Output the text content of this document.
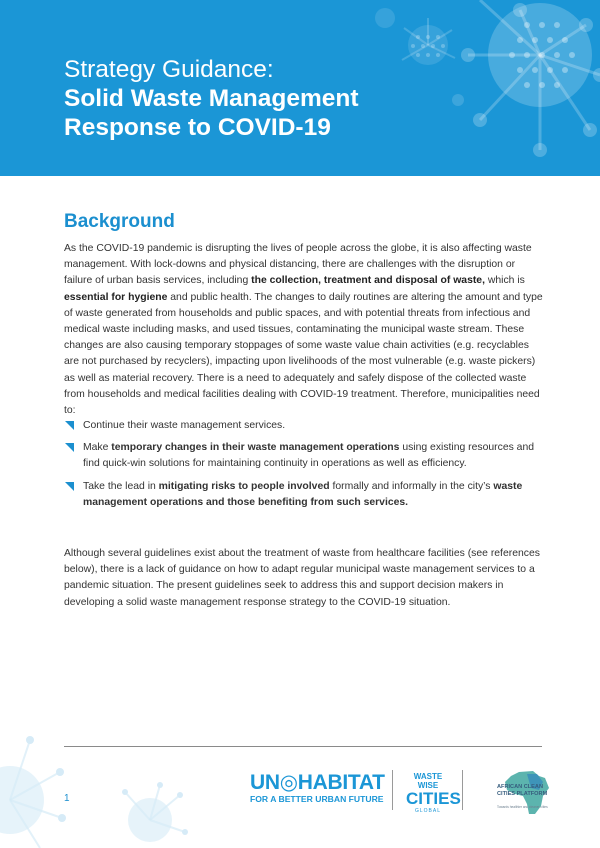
Strategy Guidance:
Solid Waste Management
Response to COVID-19
Background

As the COVID-19 pandemic is disrupting the lives of people across the globe, it is also affecting waste management. With lock-downs and physical distancing, there are challenges with the disruption or failure of urban basis services, including the collection, treatment and disposal of waste, which is essential for hygiene and public health. The changes to daily routines are altering the amount and type of waste generated from households and public spaces, and with potential threats from infectious and medical waste including masks, and used tissues, contaminating the municipal waste stream. These changes are also causing temporary stoppages of some waste value chain activities (e.g. recyclables are not purchased by recyclers), impacting upon livelihoods of the most vulnerable (e.g. waste pickers) as well as material recovery. There is a need to adequately and safely dispose of the collected waste from households and medical facilities dealing with COVID-19 treatment. Therefore, municipalities need to:

Continue their waste management services.
Make temporary changes in their waste management operations using existing resources and find quick-win solutions for maintaining continuity in operations as well as efficiency.
Take the lead in mitigating risks to people involved formally and informally in the city’s waste management operations and those benefiting from such services.

Although several guidelines exist about the treatment of waste from healthcare facilities (see references below), there is a lack of guidance on how to adapt regular municipal waste management services to a pandemic situation. The present guidelines seek to address this and support decision makers in developing a solid waste management response strategy to the COVID-19 situation.

1
UN◎HABITAT
FOR A BETTER URBAN FUTURE
WASTE WISE
CITIES
GLOBAL
AFRICAN CLEAN CITIES PLATFORM
Towards healthier and cleaner cities
